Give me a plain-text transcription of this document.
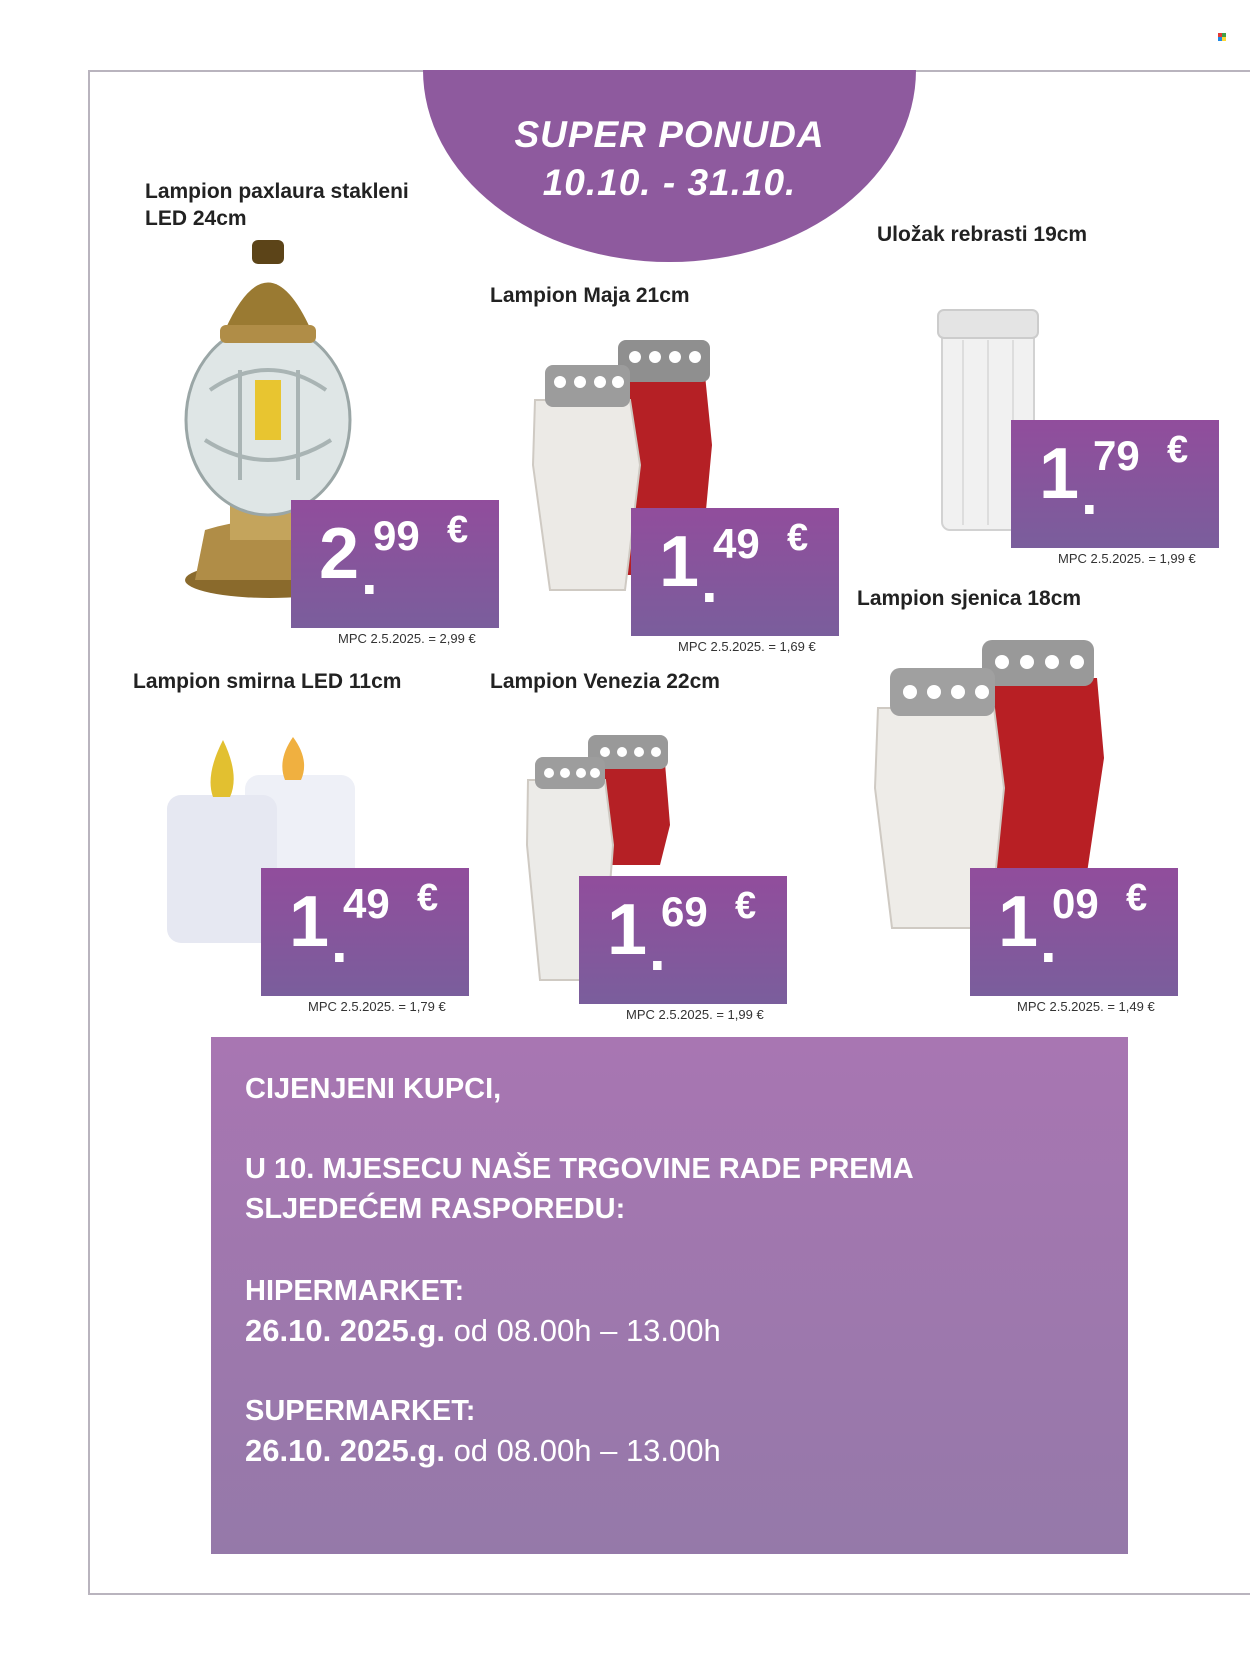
SUPER PONUDA
10.10. - 31.10.
Lampion paxlaura stakleni
LED 24cm
2 .
99 €
MPC 2.5.2025. = 2,99 €
Lampion Maja 21cm
1 .
49 €
MPC 2.5.2025. = 1,69 €
Uložak rebrasti 19cm
1 .
79 €
MPC 2.5.2025. = 1,99 €
Lampion sjenica 18cm
Lampion smirna LED 11cm
1 .
49 €
MPC 2.5.2025. = 1,79 €
Lampion Venezia 22cm
1 .
69 €
MPC 2.5.2025. = 1,99 €
1 .
09 €
MPC 2.5.2025. = 1,49 €
CIJENJENI KUPCI,
U 10. MJESECU NAŠE TRGOVINE RADE PREMA
SLJEDEĆEM RASPOREDU:
HIPERMARKET:
26.10. 2025.g. od 08.00h – 13.00h
SUPERMARKET:
26.10. 2025.g. od 08.00h – 13.00h
